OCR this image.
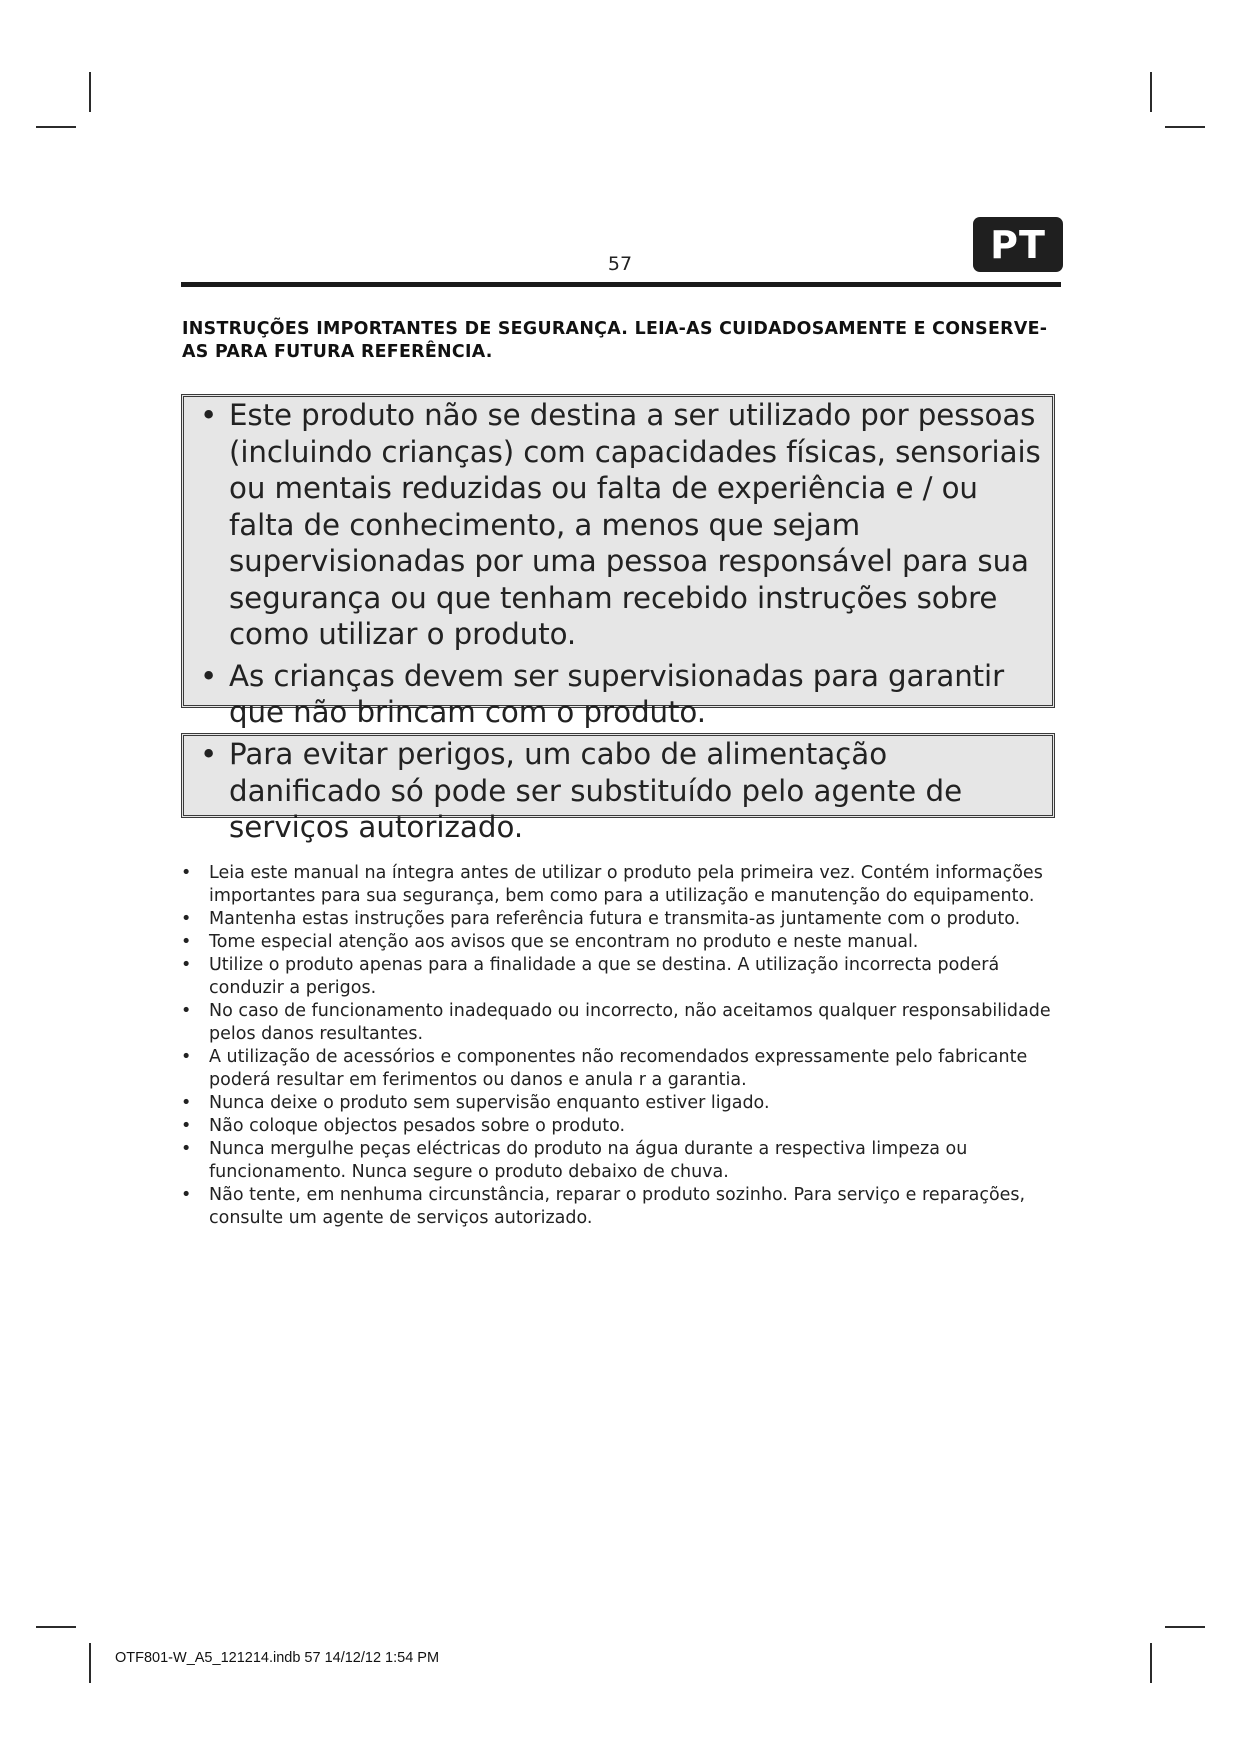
57	PT
INSTRUÇÕES IMPORTANTES DE SEGURANÇA. LEIA-AS CUIDADOSAMENTE E CONSERVE-AS PARA FUTURA REFERÊNCIA.
• Este produto não se destina a ser utilizado por pessoas (incluindo crianças) com capacidades físicas, sensoriais ou mentais reduzidas ou falta de experiência e / ou falta de conhecimento, a menos que sejam supervisionadas por uma pessoa responsável para sua segurança ou que tenham recebido instruções sobre como utilizar o produto.
• As crianças devem ser supervisionadas para garantir que não brincam com o produto.
• Para evitar perigos, um cabo de alimentação danificado só pode ser substituído pelo agente de serviços autorizado.
• Leia este manual na íntegra antes de utilizar o produto pela primeira vez. Contém informações importantes para sua segurança, bem como para a utilização e manutenção do equipamento.
• Mantenha estas instruções para referência futura e transmita-as juntamente com o produto.
• Tome especial atenção aos avisos que se encontram no produto e neste manual.
• Utilize o produto apenas para a finalidade a que se destina. A utilização incorrecta poderá conduzir a perigos.
• No caso de funcionamento inadequado ou incorrecto, não aceitamos qualquer responsabilidade pelos danos resultantes.
• A utilização de acessórios e componentes não recomendados expressamente pelo fabricante poderá resultar em ferimentos ou danos e anula r a garantia.
• Nunca deixe o produto sem supervisão enquanto estiver ligado.
• Não coloque objectos pesados sobre o produto.
• Nunca mergulhe peças eléctricas do produto na água durante a respectiva limpeza ou funcionamento. Nunca segure o produto debaixo de chuva.
• Não tente, em nenhuma circunstância, reparar o produto sozinho. Para serviço e reparações, consulte um agente de serviços autorizado.
OTF801-W_A5_121214.indb 57 14/12/12 1:54 PM
